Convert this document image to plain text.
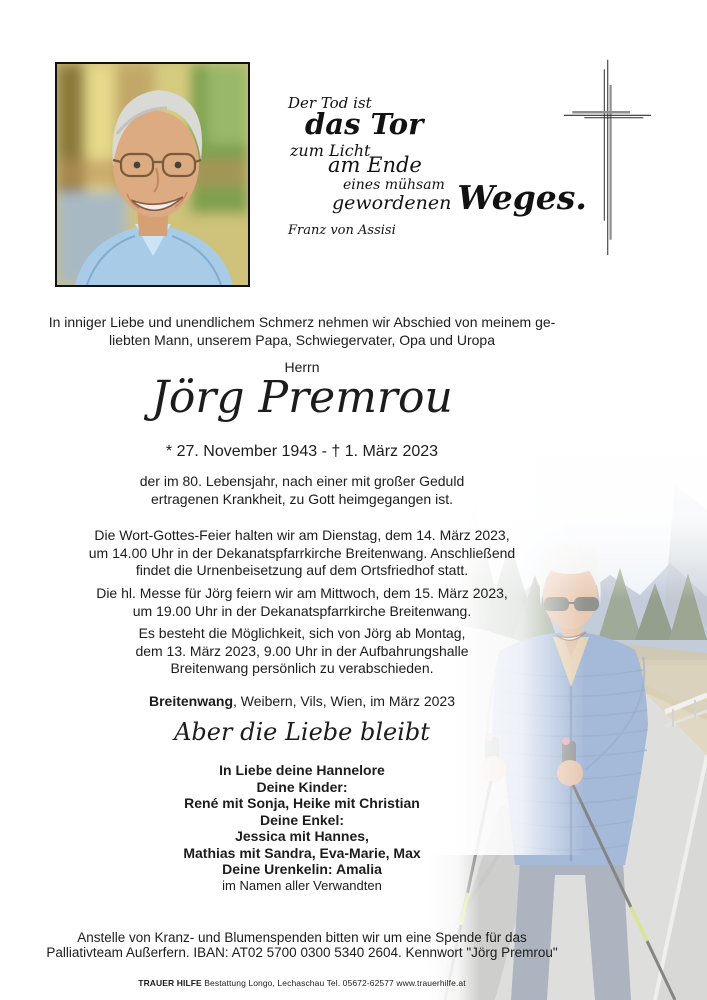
Der Tod ist
das Tor
zum Licht
am Ende
eines mühsam
gewordenen Weges.
Franz von Assisi
In inniger Liebe und unendlichem Schmerz nehmen wir Abschied von meinem ge-
liebten Mann, unserem Papa, Schwiegervater, Opa und Uropa
Herrn
Jörg Premrou
* 27. November 1943 - † 1. März 2023
der im 80. Lebensjahr, nach einer mit großer Geduld
ertragenen Krankheit, zu Gott heimgegangen ist.
Die Wort-Gottes-Feier halten wir am Dienstag, dem 14. März 2023,
um 14.00 Uhr in der Dekanatspfarrkirche Breitenwang. Anschließend
findet die Urnenbeisetzung auf dem Ortsfriedhof statt.
Die hl. Messe für Jörg feiern wir am Mittwoch, dem 15. März 2023,
um 19.00 Uhr in der Dekanatspfarrkirche Breitenwang.
Es besteht die Möglichkeit, sich von Jörg ab Montag,
dem 13. März 2023, 9.00 Uhr in der Aufbahrungshalle
Breitenwang persönlich zu verabschieden.
Breitenwang, Weibern, Vils, Wien, im März 2023
Aber die Liebe bleibt
In Liebe deine Hannelore
Deine Kinder:
René mit Sonja, Heike mit Christian
Deine Enkel:
Jessica mit Hannes,
Mathias mit Sandra, Eva-Marie, Max
Deine Urenkelin: Amalia
im Namen aller Verwandten
Anstelle von Kranz- und Blumenspenden bitten wir um eine Spende für das
Palliativteam Außerfern. IBAN: AT02 5700 0300 5340 2604. Kennwort "Jörg Premrou"
TRAUER HILFE Bestattung Longo, Lechaschau Tel. 05672-62577 www.trauerhilfe.at
